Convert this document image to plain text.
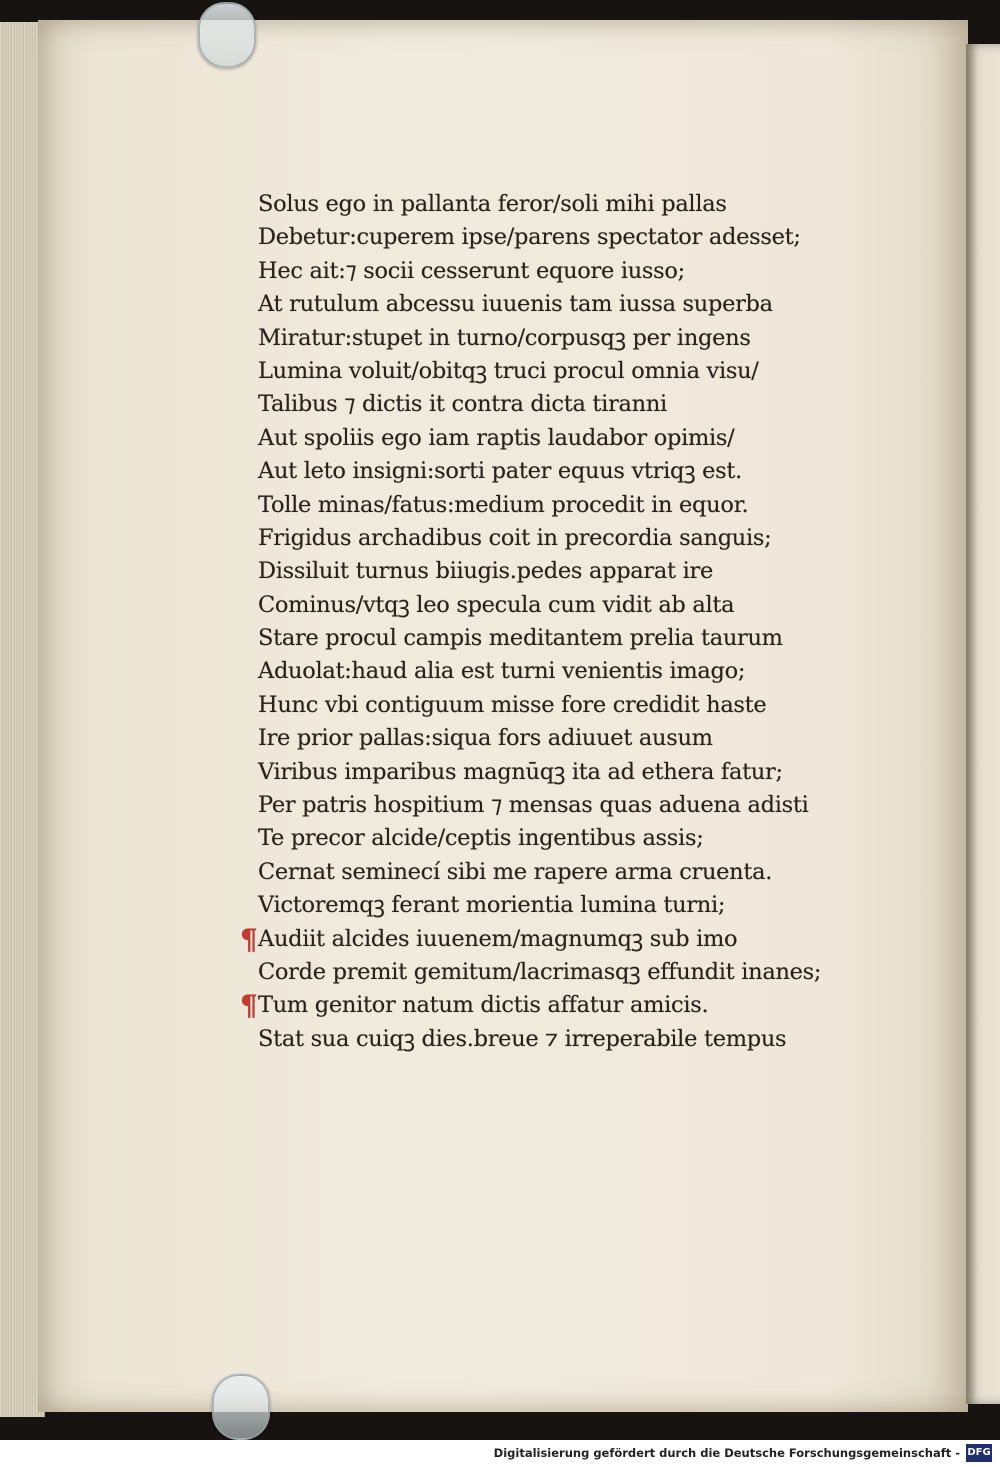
Solus ego in pallanta feror/soli mihi pallas
Debetur:cuperem ipse/parens spectator adesset;
Hec ait:⁊ socii cesserunt equore iusso;
At rutulum abcessu iuuenis tam iussa superba
Miratur:stupet in turno/corpusqꝫ per ingens
Lumina voluit/obitqꝫ truci procul omnia visu/
Talibus ⁊ dictis it contra dicta tiranni
Aut spoliis ego iam raptis laudabor opimis/
Aut leto insigni:sorti pater equus vtriqꝫ est.
Tolle minas/fatus:medium procedit in equor.
Frigidus archadibus coit in precordia sanguis;
Dissiluit turnus biiugis.pedes apparat ire
Cominus/vtqꝫ leo specula cum vidit ab alta
Stare procul campis meditantem prelia taurum
Aduolat:haud alia est turni venientis imago;
Hunc vbi contiguum misse fore credidit haste
Ire prior pallas:siqua fors adiuuet ausum
Viribus imparibus magnūqꝫ ita ad ethera fatur;
Per patris hospitium ⁊ mensas quas aduena adisti
Te precor alcide/ceptis ingentibus assis;
Cernat seminecí sibi me rapere arma cruenta.
Victoremqꝫ ferant morientia lumina turni;
¶ Audiit alcides iuuenem/magnumqꝫ sub imo
Corde premit gemitum/lacrimasqꝫ effundit inanes;
¶ Tum genitor natum dictis affatur amicis.
Stat sua cuiqꝫ dies.breue ⁊ irreperabile tempus
Digitalisierung gefördert durch die Deutsche Forschungsgemeinschaft - DFG
